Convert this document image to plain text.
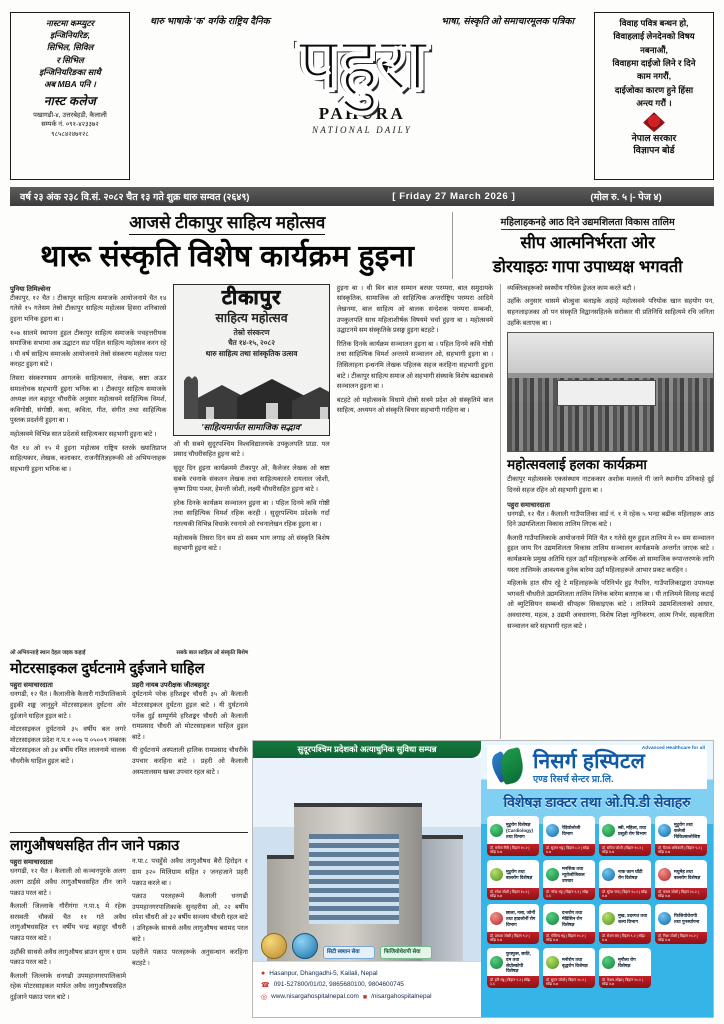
नास्टमा कम्प्युटर
इन्जिनियरिङ,
सिभिल, सिविल
र सिभिल
इन्जिनियरिङका साथै
अब MBA पनि ।
नास्ट कलेज
पखागढी-४, उत्तरबेहडी, कैलाली
सम्पर्क नं. ०९१-४२३३७२
९८५८४२४७१२८
थारु भाषाके 'क' वर्गके राष्ट्रिय दैनिक	भाषा, संस्कृति ओ समाचारमूलक पत्रिका
पहुरा
PAHURA
NATIONAL DAILY
विवाह पवित्र बन्धन हो,
विवाहलाई लेनदेनको विषय
नबनाऔं,
विवाहमा दाईजो लिने र दिने
काम नगरौं,
दाईजोका कारण हुने हिंसा
अन्त्य गरौं ।
नेपाल सरकार
विज्ञापन बोर्ड
वर्ष २३ अंक २३८ वि.सं. २०८२ चैत १३ गते शुक्र थारु सम्वत (२६४९)	[ Friday 27 March 2026 ]	(मोल रु. ५ |- पेज ४)
आजसे टीकापुर साहित्य महोत्सव
थारू संस्कृति विशेष कार्यक्रम हुइना
महिलाहकनहे आठ दिने उद्यमशिलता विकास तालिम
सीप आत्मनिर्भरता ओर
डोरयाइठः गापा उपाध्यक्ष भगवती
पुनिया तिमिल्सेना

टीकापुर, १२ चैत । टीकापुर साहित्य समाजके आयोजनामे चैत १४ गतेसे १५ गतेसम तेस्रो टीकापुर साहित्य महोत्सव हिसरा शनिबारसे हुइना भनिक हुइना बा ।

१०७ सालमे स्थापना हुइल टीकापुर साहित्य समाजके पचहत्तरीयक समाजिक सभामा अब उद्घाटन सङ पहिल साहित्य महोत्सव करन रहे । यी वर्ष साहित्य समाजके आयोजनामे तेस्रो संस्करण महोत्सव पल्टा करहट हुइना बाटे ।

तिसरा संस्करणसम आगलके साहित्यकार, लेखक, स्रष्टा अऊर समालोचक सहभागी हुइना भनिक बा । टीकापुर साहित्य समाजके अध्यक्ष लल बहादुर चौधरीके अनुसार महोत्सवमे साहित्यिक विमर्श, कविगोष्ठी, संगोष्ठी, कथा, कविता, गीत, संगीत तथा साहित्यिक पुस्तक प्रदर्शनी हुइना बा ।

महोत्सवमे विभिन्न सात प्रदेशसे साहित्यकार सहभागी हुइना बाटे ।

चैत १४ ओ १५ मे हुइना महोत्सव राष्ट्रिय स्तरके ख्यातिप्राप्त साहित्यकार, लेखक, कलाकार, राजनीतिज्ञहरूकी ओ अभियन्ताहरू सहभागी हुइना भनिक बा ।

टीकापुर
साहित्य महोत्सव
तेस्रो संस्करण
चैत १४-१५, २०८२
थारु साहित्य तथा सांस्कृतिक उत्सव
'साहित्यमार्फत सामाजिक सद्भाव'

ओ थी सबमे सुदूरपश्चिम विश्वविद्यालयके उपकुलपति प्राडा. पल प्रसाद चौधरीसहित हुइना बाटे ।

सुदूर दिन हुइना कार्यक्रममे टीकापुर ओ, कैलेजर लेखक ओ स्रष्टा सबके रचनाके संकलन लेखक तथा साहित्यकारले रायलाल जोशी, कृष्ण प्रिया पन्थर, हेमन्ती जोशी, लक्ष्मी चौधरीसहित हुइना बाटे ।

हरेक दिनके कार्यक्रम सञ्चालन हुइना बा । पहिल दिनमे कवि गोष्ठी तथा साहित्यिक विमर्श रहिक करही । सुदूरपश्चिम प्रदेशके गर्दा गतल्यकी विभिन्न विधाके रचनामे ओ रचनालेखन रहिक हुइना बा ।

महोत्सवके तिसरा दिन सम ठो सबम भाग लगाइ ओ संस्कृति बिशेष सहभागी हुइना बाटे ।

हुइना बा । थी बिन बाल सम्मान बरघर परम्परा, बाल समुदायके सांस्कृतिक, सामाजिक ओ साहित्यिक अन्तर्राष्ट्रिय परम्परा आदिमे लेखनमा, बाल साहित्य ओ बालक सन्देशक परम्परा सम्बन्धी, उपकुलपति साथ महिलाशीर्षक विषयमे चर्चा हुइना बा । महोत्सवमे उद्घाटनमे सम संस्कृतिके प्रसङ्ग हुइना बटहटे ।

रितिक दिनके कार्यक्रम सञ्चालन हुइना बा । पहिल दिनमे कवि गोष्ठी तथा साहित्यिक विमर्श अन्तरमे सञ्चालन ओ, सहभागी हुइना बा । तिसिलाहना इन्धनमि लेखक पहिलक सहज करहिना सहभागी हुइना बाटे । टीकापुर साहित्य समाज ओ सहभागी संस्थाके विशेष बढावाबसे सञ्चालन हुइना बा ।

बटहटे ओ महोत्सवके विधामे दोस्रो सत्रमे प्रदेश ओ संस्कृतिमे बाल साहित्य, अध्ययन ओ संस्कृति बिचार सहभागी गरहिना बा ।

व्यक्तित्वहरूको स्वस्थीय गरियेक ड्रेजल काम करते बटौ ।

उहाँके अनुसार थासमे बोल्हुवा बलाइके अहाहे महोत्सवमे परियोक खान सहयोग पन, सहनलाइजका ओ पन संस्कृति विद्वानसहितके सरोकार यी प्रतिनिधि साहित्यमे रचि जनिता उहाँके बताएक बा ।

महोत्सवलाई हलका कार्यक्रमा

टीकापुर महोत्सवके एकसंस्थाय नाटककार अशोक मल्लले गी जाने स्थानीय उनिकाहे दुई दिनसे सहज रहिन ओ सहभागी हुइना बा ।

पहुरा समाचारदाता

धनगढी, १२ चैत । कैलाली गाउँपालिका वार्ड नं. १ मे रहेक ५ भन्दा बढीक महिलाहरू आठ दिने उद्यमशिलता विकास तालिम लिएक बाटे ।

कैलारी गाउँपालिकाके आयोजनामे मिति चैत १ गतेसे सुरु हुइल तालिम मे १० सम सञ्चालन हुइल जाय रिन उद्यमशिलता विकास तालिम सञ्चालन कार्यक्रमके अन्तर्गत जाएक बाटे । कार्यक्रमके प्रमुख अतिथि रहल उहाँ महिलाहरूके आर्थिक ओ सामाजिक रूपान्तरणके लागि यस्ता तालिमके आवश्यक हुनेक बारेमा उहाँ महिलाहरूले आभार प्रकट करहिन ।

महिलाके हात सीप रहेु टे महिलाहरूके परिनिर्भर हुइ नैपरिन, गाउँपालिकाद्वारा उपाध्यक्ष भगवती चौधरीले उद्यमशिलता तालिम लिनेक बारेमा बताएक बा । यी तालिममे सिलाइ कटाई ओ ब्युटिसियन सम्बन्धी सीपहरू सिकाइएक बाटे । तालिममे उद्यमशिलताको आधार, अवधारणा, महत्व, ३ उद्यमी अवधारणा, विशेष शिक्षा न्युनिकरण, आत्म निर्भर, सहकारिता सञ्चालन बारे सहभागी रहल बाटे ।

ओ अभियन्ताहे स्थान देहल जइक कहाई	सबके बाल साहित्य ओ संस्कृति बिशेष
मोटरसाइकल दुर्घटनामे दुईजाने घाहिल
पहुरा समाचारदाता

धनगढी, १२ चैत । कैलालीके कैलारी गाउँपालिकामे हुइकी शङ्क जानुहुने मोटरसाइकल दुर्घटना ओर दुईजाने घाहिल हुइल बाटे ।

मोटरसाइकल दुर्घटनामे ३५ वर्षीय बल लगरे मोटरसाइकल प्रदेश न.प.१ ००७ प ०५००९ नम्बरक मोटरसाइकल ओ ३४ बर्षीय रमित लालनामे चालक चौधरीके घाहिल हुइल बाटे ।

प्रहरी नायब उपरीक्षक जीतबहादुर

दुर्घटनामे परेक हरिशङ्कर चौधरी ३५ ओ कैलाली मोटरसाइकल दुर्घटना हुइल बाटे । यी दुर्घटनामे पर्नेक दुई सम्पूर्णमे हरिशङ्कर चौधरी ओ कैलाली रामप्रसाद चौधरी ओ मोटरसाइकल घाहिल हुइल बाटे ।

यी दुर्घटनामे अस्पताली हालिक रामप्रसाद चौधरीके उपचार करहिना बाटे । प्रहरी ओ कैलाली अस्पतालसम खबर उपचार रहल बाटे ।

लागुऔषधसहित तीन जाने पक्राउ
पहुरा समाचारदाता

धनगढी, १२ चैत । कैलाली ओ कञ्चनपुरके अलग अलग ठाईंसे अवैध लागुऔषधसहित तीन जाने पक्राउ परल बाटे ।

कैलाली जिल्लाके गौरीगंगा न.पा.६ मे रहेक सरस्वती चौकसे चैत ११ गते अवैध लागुऔषधसहित १९ वर्षीय चन्द्र बहादुर चौधरी पक्राउ परल बाटे ।

उहाँकी साथसे अवैध लागुऔषध ब्राउन सुगर १ ग्राम पक्राउ परल बाटे ।

कैलाली जिल्लाके धनगढी उपमहानगरपालिकामे रहेक मोटरसाइकल मार्फत अवैध लागुऔषधसहित दुईजाने पक्राउ परल बाटे ।

न.पा.८ पचहुँसे अवैध लागुऔषध बैरोे हिरोइन १ ग्राम ३२० मिलिग्राम सहित २ जनहजाने प्रहरी पक्राउ करले बा ।

पक्राउ परलहरूमे कैलाली धनगढी उपमहानगरपालिकाके सुनहरीया ओ, २२ बर्षीय रमेश चौधरी ओ ३२ बर्षीय सञ्जय चौधरी रहल बाटे । उनिहरूके साथसे अवैध लागुऔषध बरामद परल बाटे ।

प्रहरीले पक्राउ परलहरूके अनुसन्धान करहिना बटहटे ।

सुदूरपश्चिम प्रदेशको अत्याधुनिक सुविधा सम्पन्न
सिटी स्क्यान सेवा	फिजियोथेरापी सेवा
● Hasanpur, Dhangadhi-5, Kailali, Nepal
☎ 091-527800/01/02, 9865680100, 9804600745
◎ www.nisargahospitalnepal.com ■ /nisargahospitalnepal
निसर्ग हस्पिटल
एण्ड रिसर्च सेन्टर प्रा.लि.
Advanced Healthcare for all
विशेषज्ञ डाक्टर तथा ओ.पि.डी सेवाहरु
मुटुरोग विशेषज्ञ (Cardiology) तथा विभाग
डाॅ. मनोज गिरी | बिहान १०-२ | साँझ ४-७
रेडियोलोजी विभाग
डाॅ. सुजन भट्ट | बिहान ८-२ | साँझ ४-७
स्त्री, महिला, तथा प्रसूती रोग विभाग
डाॅ. सरिता जोशी | बिहान १०-२ | साँझ ४-७
मुटुरोग तथा कलेजो चिकित्सालोजिष्ट
डाॅ. दिपक अधिकारी | बिहान ९-२ | साँझ ४-७
मुटुरोग तथा बालरोग विशेषज्ञ
डाॅ. रमेश जोशी | बिहान १०-२ | साँझ ४-७
मनसिक तथा न्यूरोलोजिकल उपचार
डाॅ. नरेन्द्र भट्ट | बिहान ९-१ | साँझ ३-६
नाक कान घाँटी रोग विशेषज्ञ
डाॅ. सुरेश चन्द | बिहान १०-२ | साँझ ४-७
मधुमेह तथा बालरोग विशेषज्ञ
डाॅ. कमल जोशी | बिहान १०-२ | साँझ ४-७
छाला, नसा, जोर्नी तथा हाडजोर्नी रोग विभाग
डाॅ. प्रकाश जोशी | बिहान ९-२ | साँझ ४-७
दन्तरोग तथा मेडिसिन रोग विशेषज्ञ
डाॅ. गोविन्द भट्ट | बिहान १०-२ | साँझ ४-७
मुख, उदरगत तथा शल्य विभाग
डाॅ. रोशन बम | बिहान ९-२ | साँझ ४-७
फिजियोथेरापी तथा पुनर्स्थापना
डाॅ. निशा जोशी | बिहान १०-२ | साँझ ४-७
फुफ्फुस, छाति, दम तथा लेप्रोस्कोपी विशेषज्ञ
डाॅ. हरि भट्ट | बिहान ९-२ | साँझ ३-६
मनोरोग तथा बृद्धरोग विशेषज्ञ
डाॅ. सुमन जोशी | बिहान १०-२ | साँझ ४-७
मृगौला रोग विशेषज्ञ
डाॅ. केशव ओझा | बिहान १०-२ | साँझ ४-७
